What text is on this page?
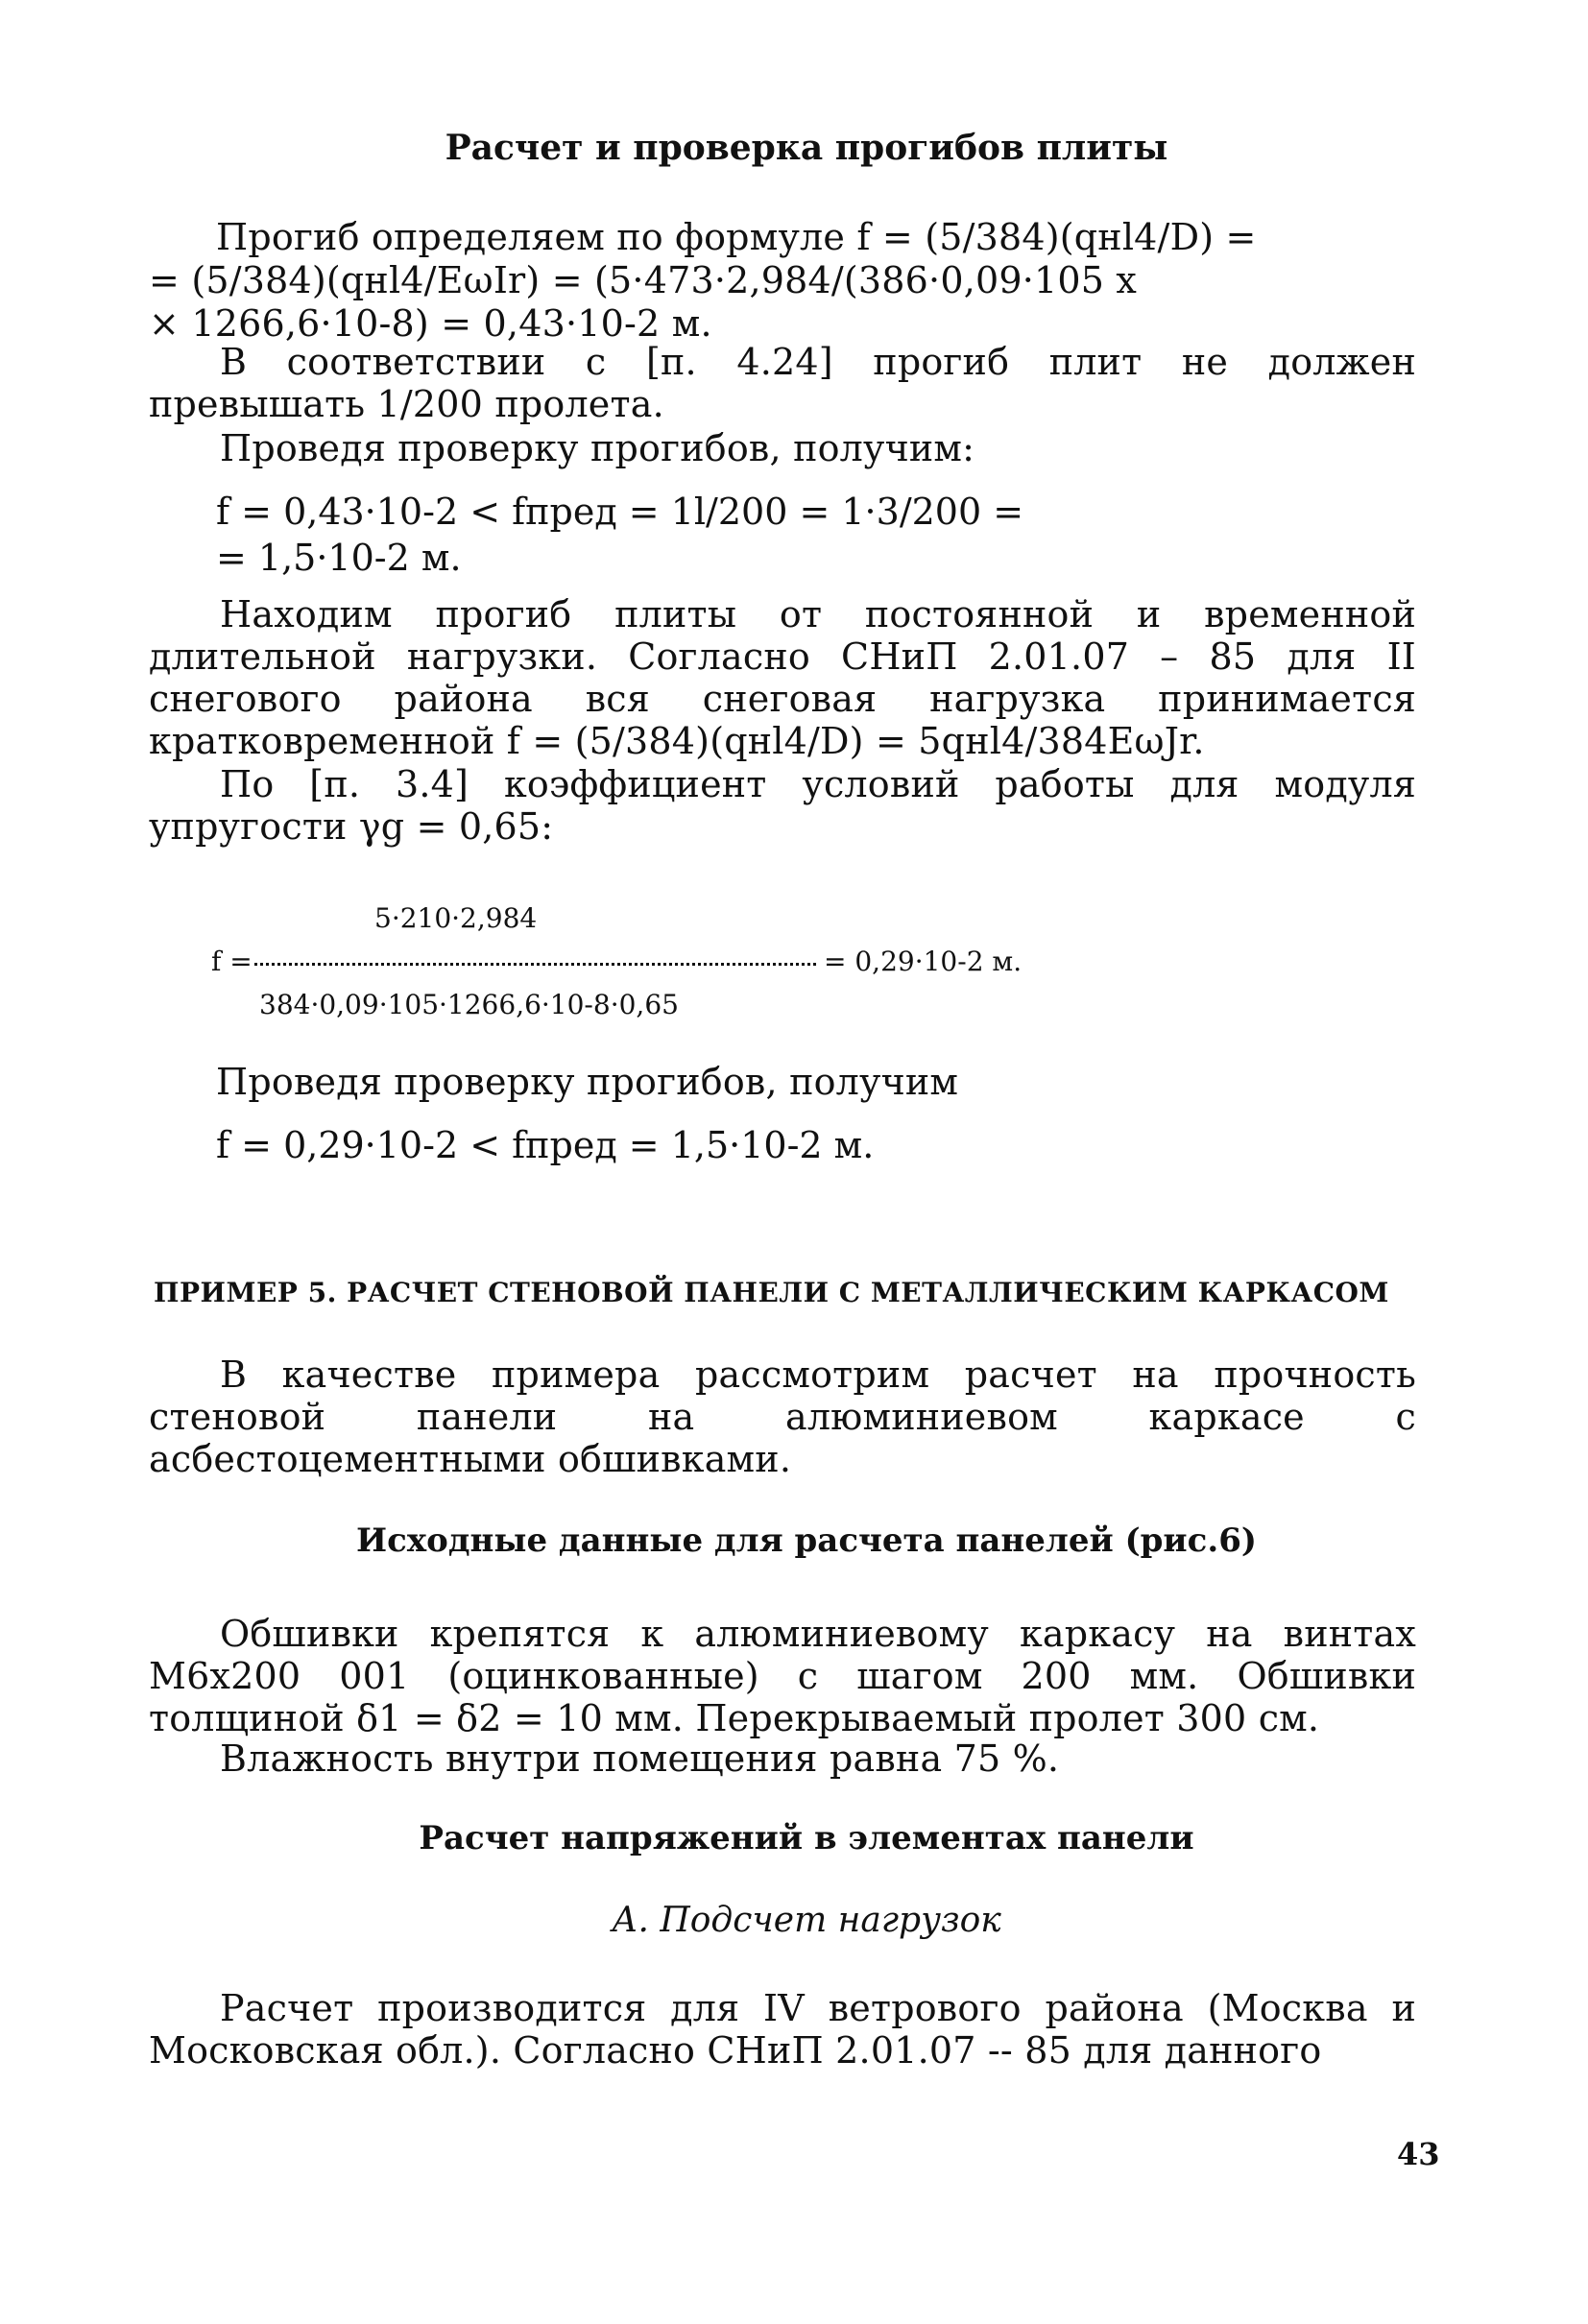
Расчет и проверка прогибов плиты
Прогиб определяем по формуле f = (5/384)(qнl4/D) =
= (5/384)(qнl4/EωIr) = (5·473·2,984/(386·0,09·105 x
× 1266,6·10-8) = 0,43·10-2 м.

В соответствии с [п. 4.24] прогиб плит не должен превышать 1/200 пролета.

Проведя проверку прогибов, получим:

f = 0,43·10-2 < fпред = 1l/200 = 1·3/200 =
= 1,5·10-2 м.

Находим прогиб плиты от постоянной и временной длительной нагрузки. Согласно СНиП 2.01.07 – 85 для II снегового района вся снеговая нагрузка принимается кратковременной f = (5/384)(qнl4/D) = 5qнl4/384EωJr.

По [п. 3.4] коэффициент условий работы для модуля упругости γg = 0,65:

5·210·2,984
f =	= 0,29·10-2 м.
384·0,09·105·1266,6·10-8·0,65

Проведя проверку прогибов, получим

f = 0,29·10-2 < fпред = 1,5·10-2 м.
ПРИМЕР 5. РАСЧЕТ СТЕНОВОЙ ПАНЕЛИ С МЕТАЛЛИЧЕСКИМ КАРКАСОМ

В качестве примера рассмотрим расчет на прочность стеновой панели на алюминиевом каркасе с асбестоцементными обшивками.

Исходные данные для расчета панелей (рис.6)

Обшивки крепятся к алюминиевому каркасу на винтах М6х200 001 (оцинкованные) с шагом 200 мм. Обшивки толщиной δ1 = δ2 = 10 мм. Перекрываемый пролет 300 см.

Влажность внутри помещения равна 75 %.

Расчет напряжений в элементах панели
А. Подсчет нагрузок

Расчет производится для IV ветрового района (Москва и Московская обл.). Согласно СНиП 2.01.07 -- 85 для данного

43
